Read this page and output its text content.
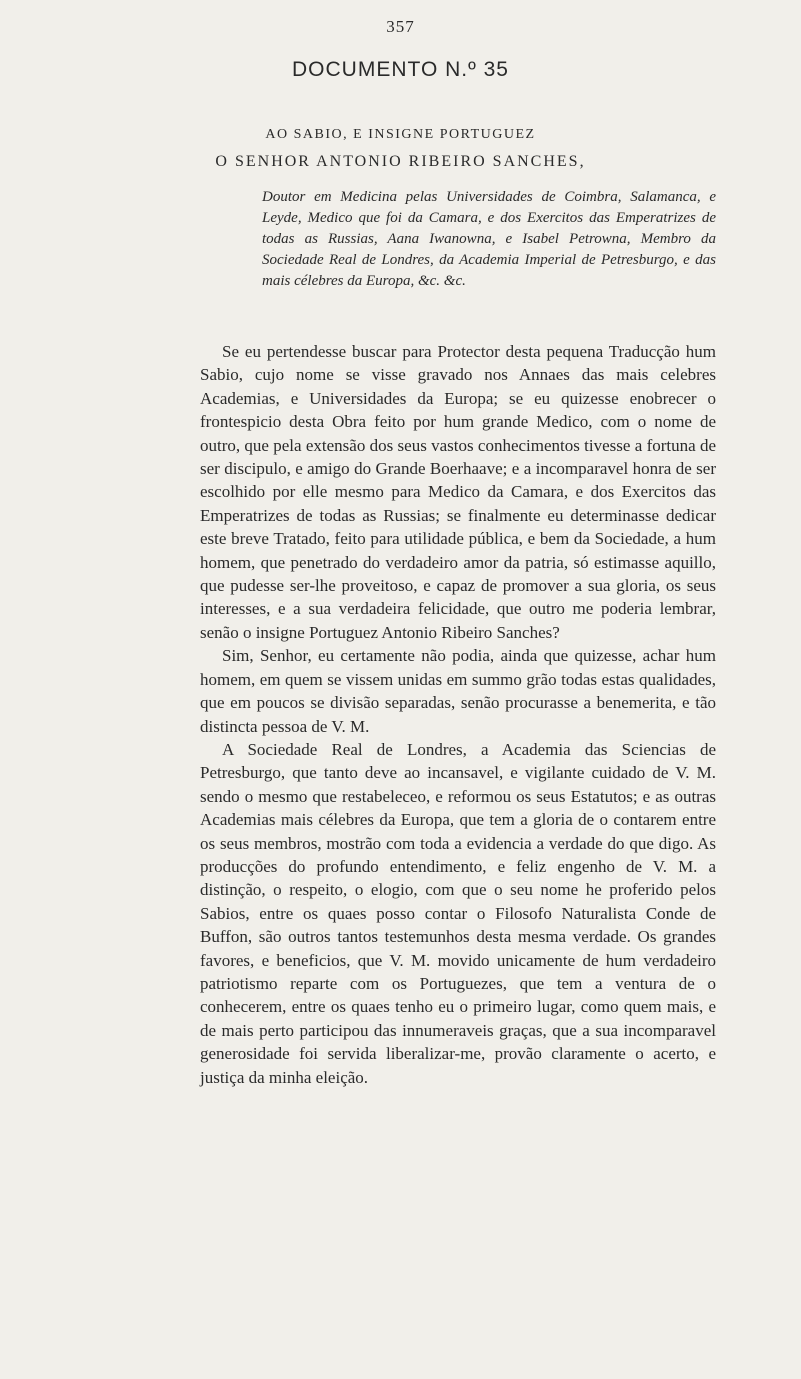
357
DOCUMENTO N.º 35
AO SABIO, E INSIGNE PORTUGUEZ
O SENHOR ANTONIO RIBEIRO SANCHES,
Doutor em Medicina pelas Universidades de Coimbra, Salamanca, e Leyde, Medico que foi da Camara, e dos Exercitos das Emperatrizes de todas as Russias, Aana Iwanowna, e Isabel Petrowna, Membro da Sociedade Real de Londres, da Academia Imperial de Petresburgo, e das mais célebres da Europa, &c. &c.

Se eu pertendesse buscar para Protector desta pequena Traducção hum Sabio, cujo nome se visse gravado nos Annaes das mais celebres Academias, e Universidades da Europa; se eu quizesse enobrecer o frontespicio desta Obra feito por hum grande Medico, com o nome de outro, que pela extensão dos seus vastos conhecimentos tivesse a fortuna de ser discipulo, e amigo do Grande Boerhaave; e a incomparavel honra de ser escolhido por elle mesmo para Medico da Camara, e dos Exercitos das Emperatrizes de todas as Russias; se finalmente eu determinasse dedicar este breve Tratado, feito para utilidade pública, e bem da Sociedade, a hum homem, que penetrado do verdadeiro amor da patria, só estimasse aquillo, que pudesse ser-lhe proveitoso, e capaz de promover a sua gloria, os seus interesses, e a sua verdadeira felicidade, que outro me poderia lembrar, senão o insigne Portuguez Antonio Ribeiro Sanches?

Sim, Senhor, eu certamente não podia, ainda que quizesse, achar hum homem, em quem se vissem unidas em summo grão todas estas qualidades, que em poucos se divisão separadas, senão procurasse a benemerita, e tão distincta pessoa de V. M.

A Sociedade Real de Londres, a Academia das Sciencias de Petresburgo, que tanto deve ao incansavel, e vigilante cuidado de V. M. sendo o mesmo que restabeleceo, e reformou os seus Estatutos; e as outras Academias mais célebres da Europa, que tem a gloria de o contarem entre os seus membros, mostrão com toda a evidencia a verdade do que digo. As producções do profundo entendimento, e feliz engenho de V. M. a distinção, o respeito, o elogio, com que o seu nome he proferido pelos Sabios, entre os quaes posso contar o Filosofo Naturalista Conde de Buffon, são outros tantos testemunhos desta mesma verdade. Os grandes favores, e beneficios, que V. M. movido unicamente de hum verdadeiro patriotismo reparte com os Portuguezes, que tem a ventura de o conhecerem, entre os quaes tenho eu o primeiro lugar, como quem mais, e de mais perto participou das innumeraveis graças, que a sua incomparavel generosidade foi servida liberalizar-me, provão claramente o acerto, e justiça da minha eleição.
